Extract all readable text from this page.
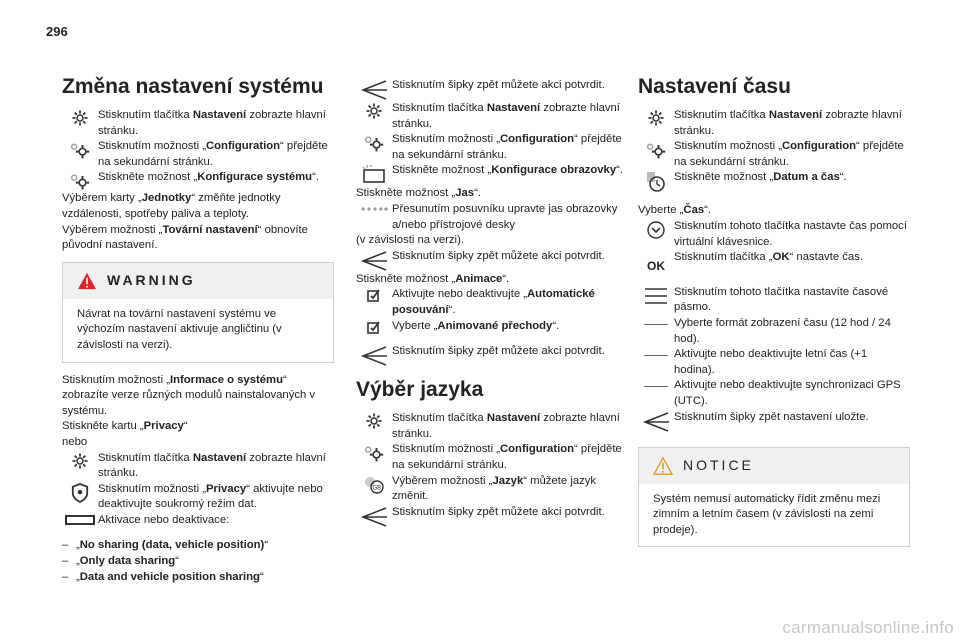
296
Změna nastavení systému

Stisknutím tlačítka Nastavení zobrazte hlavní stránku.

Stisknutím možnosti „Configuration“ přejděte na sekundární stránku.

Stiskněte možnost „Konfigurace systému“.

Výběrem karty „Jednotky“ změňte jednotky vzdálenosti, spotřeby paliva a teploty.

Výběrem možnosti „Tovární nastavení“ obnovíte původní nastavení.

WARNING

Návrat na tovární nastavení systému ve výchozím nastavení aktivuje angličtinu (v závislosti na verzi).

Stisknutím možnosti „Informace o systému“ zobrazíte verze různých modulů nainstalovaných v systému.

Stiskněte kartu „Privacy“

nebo

Stisknutím tlačítka Nastavení zobrazte hlavní stránku.

Stisknutím možnosti „Privacy“ aktivujte nebo deaktivujte soukromý režim dat.

Aktivace nebo deaktivace:

– „ No sharing (data, vehicle position) “
– „ Only data sharing “
– „ Data and vehicle position sharing “

Stisknutím šipky zpět můžete akci potvrdit.

Stisknutím tlačítka Nastavení zobrazte hlavní stránku.

Stisknutím možnosti „Configuration“ přejděte na sekundární stránku.

Stiskněte možnost „Konfigurace obrazovky“.

Stiskněte možnost „Jas“.

Přesunutím posuvníku upravte jas obrazovky a/nebo přístrojové desky

(v závislosti na verzi).

Stisknutím šipky zpět můžete akci potvrdit.

Stiskněte možnost „Animace“.

Aktivujte nebo deaktivujte „Automatické posouvání“.

Vyberte „Animované přechody“.

Stisknutím šipky zpět můžete akci potvrdit.

Výběr jazyka

Stisknutím tlačítka Nastavení zobrazte hlavní stránku.

Stisknutím možnosti „Configuration“ přejděte na sekundární stránku.

GB

Výběrem možnosti „Jazyk“ můžete jazyk změnit.

Stisknutím šipky zpět můžete akci potvrdit.

Nastavení času

Stisknutím tlačítka Nastavení zobrazte hlavní stránku.

Stisknutím možnosti „Configuration“ přejděte na sekundární stránku.

Stiskněte možnost „Datum a čas“.

Vyberte „Čas“.

Stisknutím tohoto tlačítka nastavte čas pomocí virtuální klávesnice.

OK

Stisknutím tlačítka „OK“ nastavte čas.

Stisknutím tohoto tlačítka nastavíte časové pásmo.

Vyberte formát zobrazení času (12 hod / 24 hod).

Aktivujte nebo deaktivujte letní čas (+1 hodina).

Aktivujte nebo deaktivujte synchronizaci GPS (UTC).

Stisknutím šipky zpět nastavení uložte.

NOTICE

Systém nemusí automaticky řídit změnu mezi zimním a letním časem (v závislosti na zemi prodeje).

carmanualsonline.info
